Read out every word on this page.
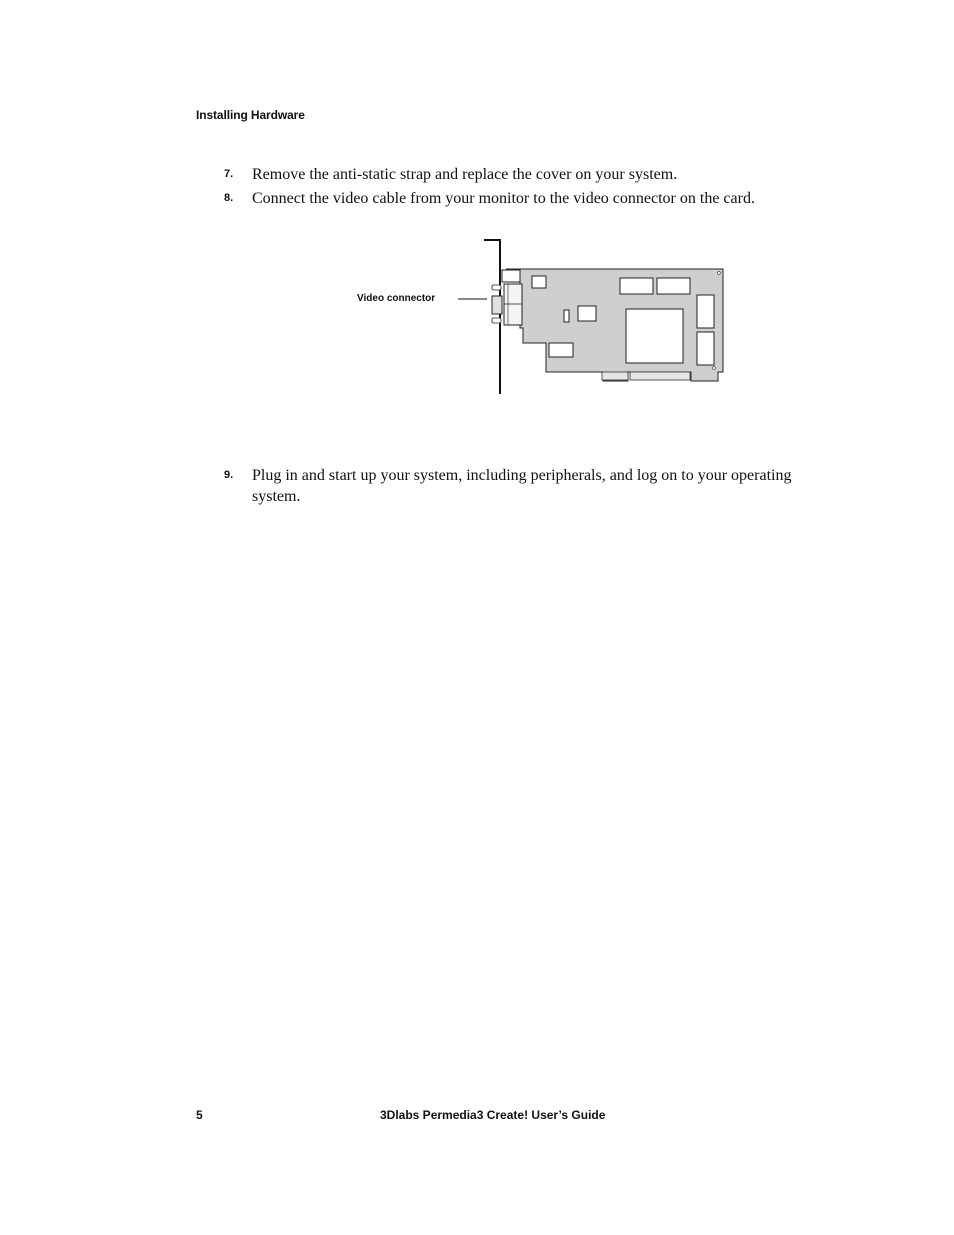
Installing Hardware
7. Remove the anti-static strap and replace the cover on your system.
8. Connect the video cable from your monitor to the video connector on the card.
Video connector
9. Plug in and start up your system, including peripherals, and log on to your operating system.
5	3Dlabs Permedia3 Create! User’s Guide
